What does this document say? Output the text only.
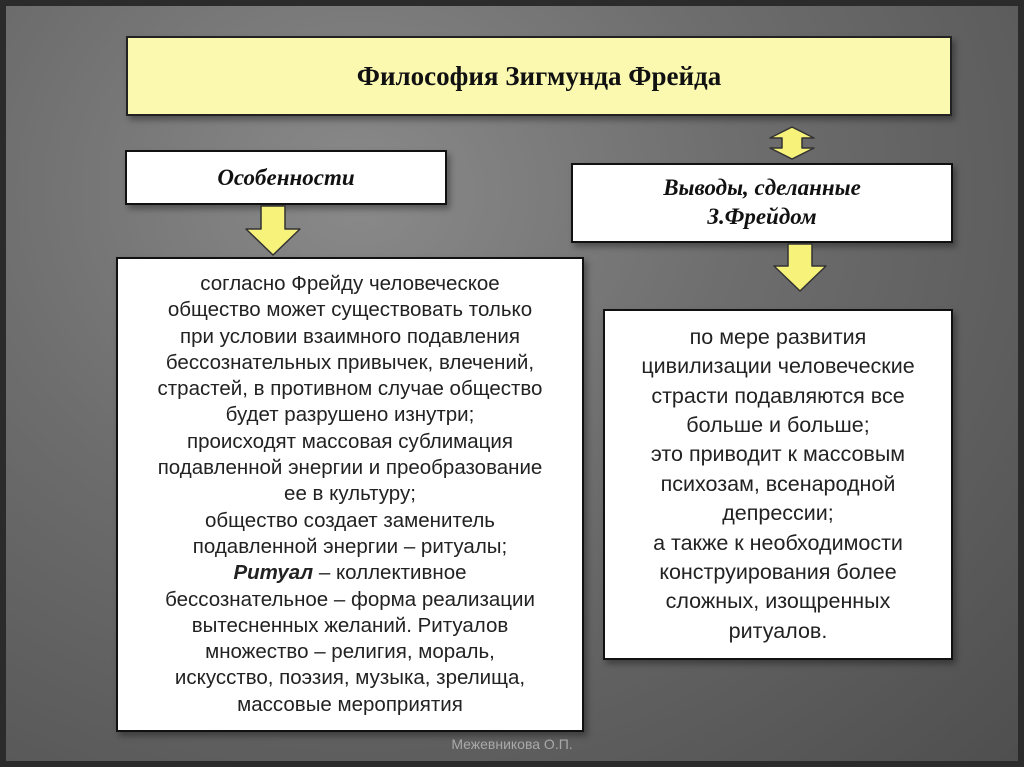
Философия Зигмунда Фрейда
Особенности	Выводы, сделанные
З.Фрейдом
согласно Фрейду человеческое
общество может существовать только
при условии взаимного подавления
бессознательных привычек, влечений,
страстей, в противном случае общество
будет разрушено изнутри;
происходят массовая сублимация
подавленной энергии и преобразование
ее в культуру;
общество создает заменитель
подавленной энергии – ритуалы;
Ритуал – коллективное
бессознательное – форма реализации
вытесненных желаний. Ритуалов
множество – религия, мораль,
искусство, поэзия, музыка, зрелища,
массовые мероприятия
по мере развития
цивилизации человеческие
страсти подавляются все
больше и больше;
это приводит к массовым
психозам, всенародной
депрессии;
а также к необходимости
конструирования более
сложных, изощренных
ритуалов.
Межевникова О.П.
